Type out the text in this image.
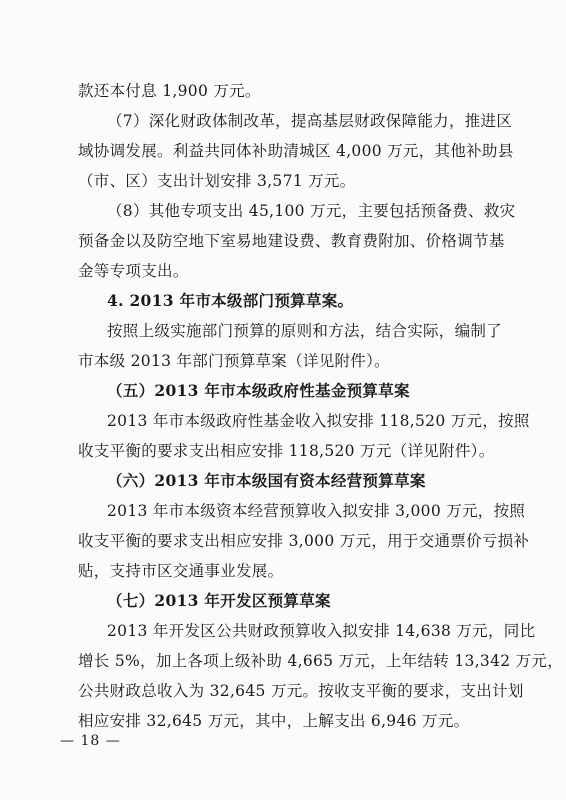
款还本付息 1,900 万元。
（7）深化财政体制改革，提高基层财政保障能力，推进区
域协调发展。利益共同体补助清城区 4,000 万元，其他补助县
（市、区）支出计划安排 3,571 万元。
（8）其他专项支出 45,100 万元，主要包括预备费、救灾
预备金以及防空地下室易地建设费、教育费附加、价格调节基
金等专项支出。
4. 2013 年市本级部门预算草案。
按照上级实施部门预算的原则和方法，结合实际，编制了
市本级 2013 年部门预算草案（详见附件）。
（五）2013 年市本级政府性基金预算草案
2013 年市本级政府性基金收入拟安排 118,520 万元，按照
收支平衡的要求支出相应安排 118,520 万元（详见附件）。
（六）2013 年市本级国有资本经营预算草案
2013 年市本级资本经营预算收入拟安排 3,000 万元，按照
收支平衡的要求支出相应安排 3,000 万元，用于交通票价亏损补
贴，支持市区交通事业发展。
（七）2013 年开发区预算草案
2013 年开发区公共财政预算收入拟安排 14,638 万元，同比
增长 5%，加上各项上级补助 4,665 万元，上年结转 13,342 万元，
公共财政总收入为 32,645 万元。按收支平衡的要求，支出计划
相应安排 32,645 万元，其中，上解支出 6,946 万元。
— 18 —
